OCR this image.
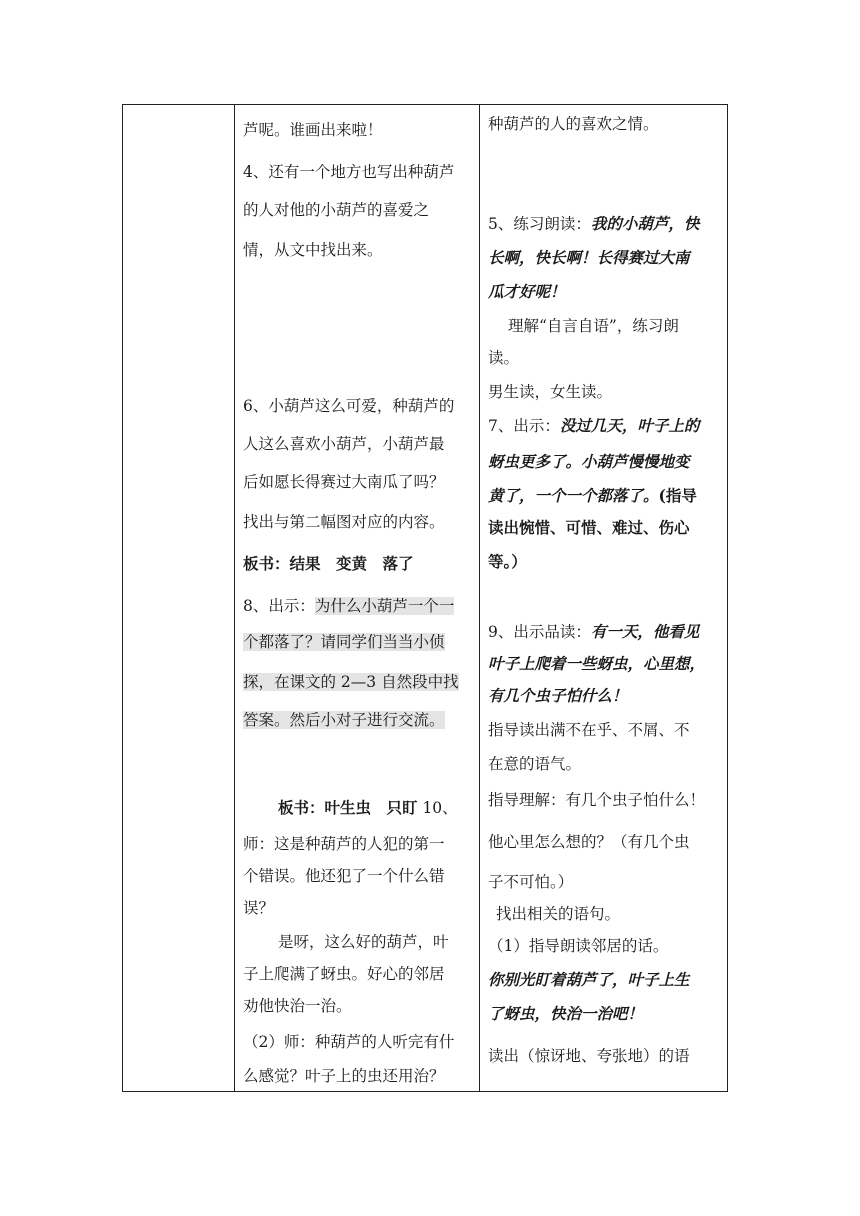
芦呢。谁画出来啦！
4、还有一个地方也写出种葫芦
的人对他的小葫芦的喜爱之
情，从文中找出来。
6、小葫芦这么可爱，种葫芦的
人这么喜欢小葫芦，小葫芦最
后如愿长得赛过大南瓜了吗？
找出与第二幅图对应的内容。
板书：结果　变黄　落了
8、出示：为什么小葫芦一个一
个都落了？请同学们当当小侦
探，在课文的 2—3 自然段中找
答案。然后小对子进行交流。
板书：叶生虫　只盯 10、
师：这是种葫芦的人犯的第一
个错误。他还犯了一个什么错
误？
是呀，这么好的葫芦，叶
子上爬满了蚜虫。好心的邻居
劝他快治一治。
（2）师：种葫芦的人听完有什
么感觉？叶子上的虫还用治？
种葫芦的人的喜欢之情。
5、练习朗读：我的小葫芦，快
长啊，快长啊！长得赛过大南
瓜才好呢！
理解“自言自语”，练习朗
读。
男生读，女生读。
7、出示：没过几天，叶子上的
蚜虫更多了。小葫芦慢慢地变
黄了，一个一个都落了。(指导
读出惋惜、可惜、难过、伤心
等。）
9、出示品读：有一天，他看见
叶子上爬着一些蚜虫，心里想，
有几个虫子怕什么！
指导读出满不在乎、不屑、不
在意的语气。
指导理解：有几个虫子怕什么！
他心里怎么想的？（有几个虫
子不可怕。）
找出相关的语句。
（1）指导朗读邻居的话。
你别光盯着葫芦了，叶子上生
了蚜虫，快治一治吧！
读出（惊讶地、夸张地）的语
